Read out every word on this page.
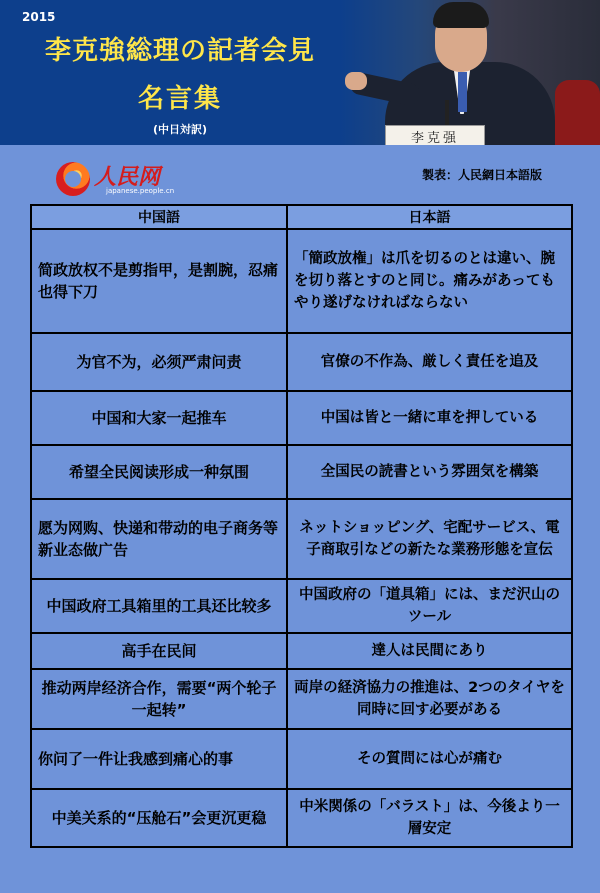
2015
李克強総理の記者会見
名言集
(中日対訳)
李克强
人民网
japanese.people.cn
製表：人民網日本語版
中国語	日本語
简政放权不是剪指甲，是割腕，忍痛也得下刀	「簡政放権」は爪を切るのとは違い、腕を切り落とすのと同じ。痛みがあってもやり遂げなければならない
为官不为，必须严肃问责	官僚の不作為、厳しく責任を追及
中国和大家一起推车	中国は皆と一緒に車を押している
希望全民阅读形成一种氛围	全国民の読書という雰囲気を構築
愿为网购、快递和带动的电子商务等新业态做广告	ネットショッピング、宅配サービス、電子商取引などの新たな業務形態を宣伝
中国政府工具箱里的工具还比较多	中国政府の「道具箱」には、まだ沢山のツール
高手在民间	達人は民間にあり
推动两岸经济合作，需要“两个轮子一起转”	両岸の経済協力の推進は、2つのタイヤを同時に回す必要がある
你问了一件让我感到痛心的事	その質問には心が痛む
中美关系的“压舱石”会更沉更稳	中米関係の「バラスト」は、今後より一層安定
